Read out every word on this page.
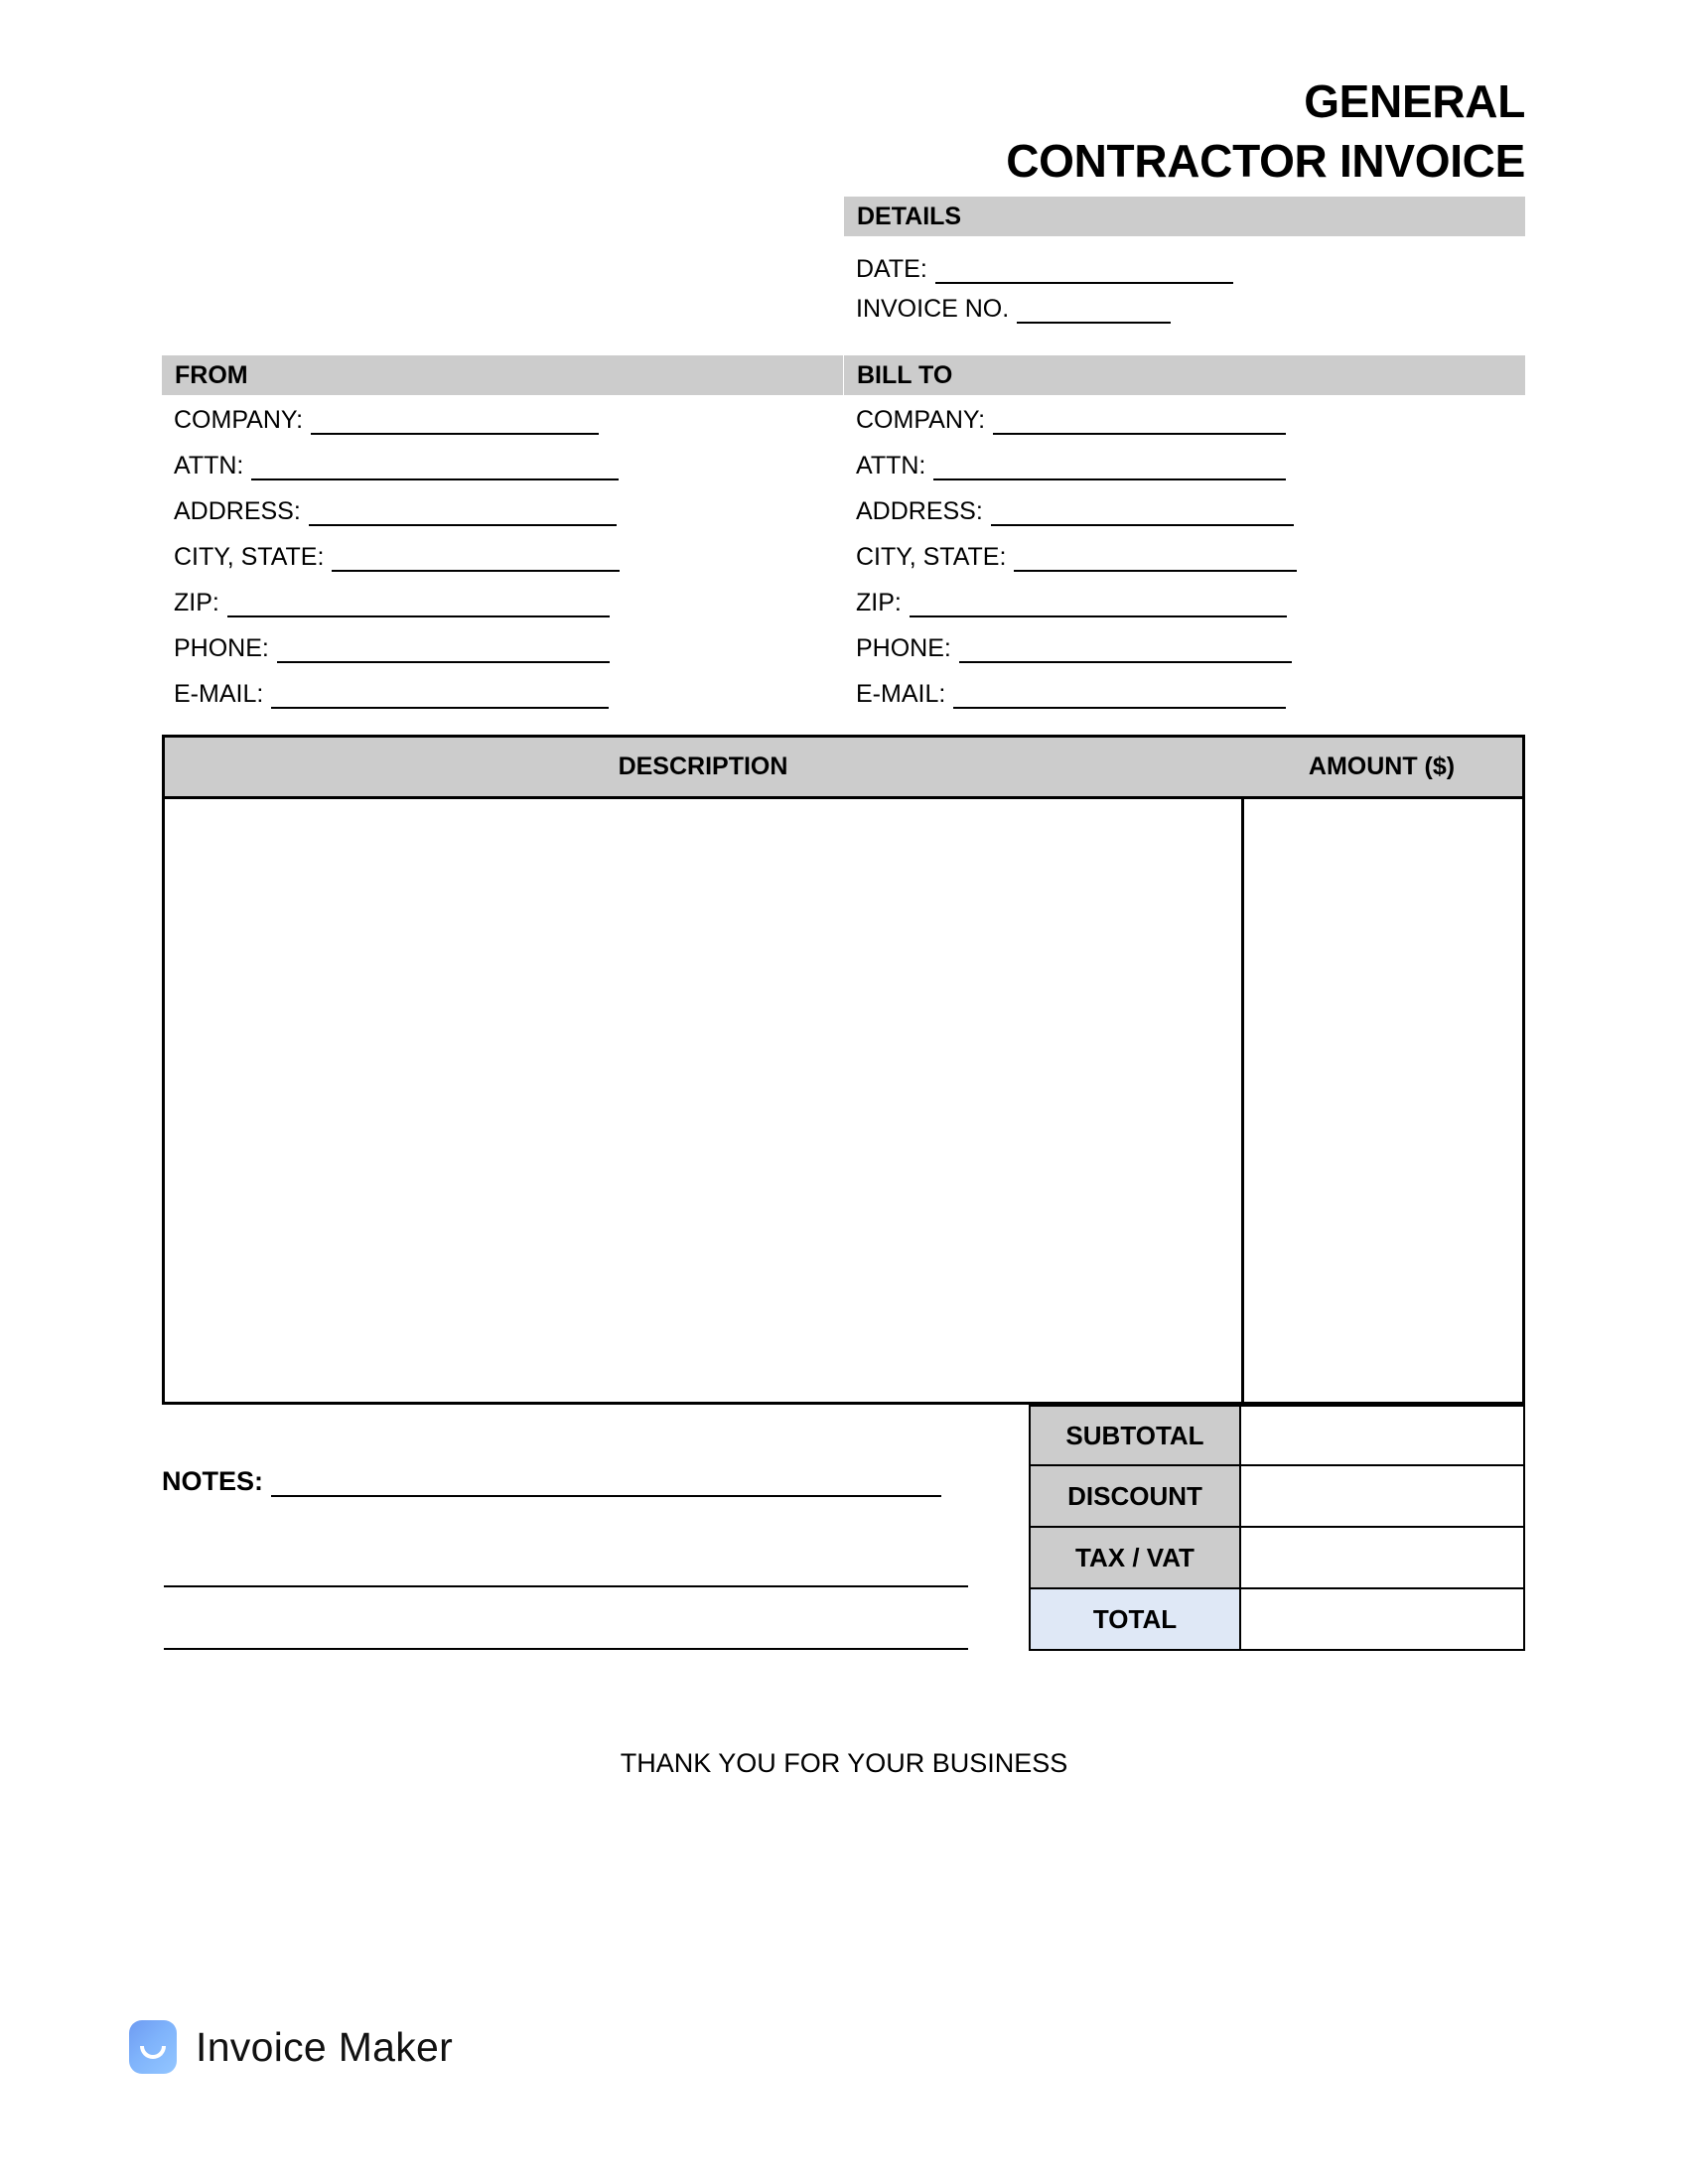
GENERAL
CONTRACTOR INVOICE
DETAILS
DATE:
INVOICE NO.
FROM
COMPANY:
ATTN:
ADDRESS:
CITY, STATE:
ZIP:
PHONE:
E-MAIL:
BILL TO
COMPANY:
ATTN:
ADDRESS:
CITY, STATE:
ZIP:
PHONE:
E-MAIL:
DESCRIPTION	AMOUNT ($)
SUBTOTAL
DISCOUNT
TAX / VAT
TOTAL
NOTES:
THANK YOU FOR YOUR BUSINESS
Invoice Maker
